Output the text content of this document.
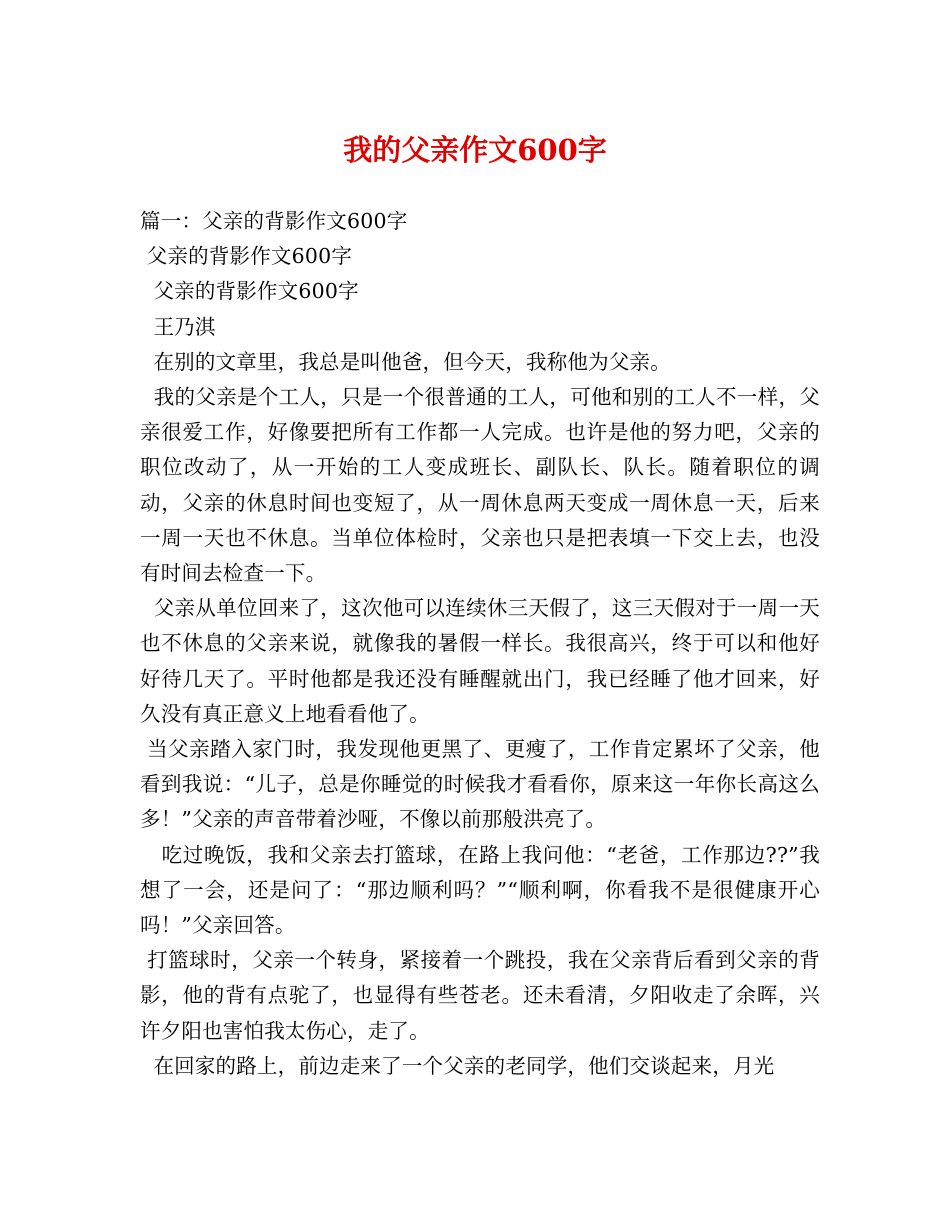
我的父亲作文600字

篇一：父亲的背影作文600字

父亲的背影作文600字

父亲的背影作文600字

王乃淇

在别的文章里，我总是叫他爸，但今天，我称他为父亲。

我的父亲是个工人，只是一个很普通的工人，可他和别的工人不一样，父亲很爱工作，好像要把所有工作都一人完成。也许是他的努力吧，父亲的职位改动了，从一开始的工人变成班长、副队长、队长。随着职位的调动，父亲的休息时间也变短了，从一周休息两天变成一周休息一天，后来一周一天也不休息。当单位体检时，父亲也只是把表填一下交上去，也没有时间去检查一下。

父亲从单位回来了，这次他可以连续休三天假了，这三天假对于一周一天也不休息的父亲来说，就像我的暑假一样长。我很高兴，终于可以和他好好待几天了。平时他都是我还没有睡醒就出门，我已经睡了他才回来，好久没有真正意义上地看看他了。

当父亲踏入家门时，我发现他更黑了、更瘦了，工作肯定累坏了父亲，他看到我说：“儿子，总是你睡觉的时候我才看看你，原来这一年你长高这么多！”父亲的声音带着沙哑，不像以前那般洪亮了。

吃过晚饭，我和父亲去打篮球，在路上我问他：“老爸，工作那边??”我想了一会，还是问了：“那边顺利吗？”“顺利啊，你看我不是很健康开心吗！”父亲回答。

打篮球时，父亲一个转身，紧接着一个跳投，我在父亲背后看到父亲的背影，他的背有点驼了，也显得有些苍老。还未看清，夕阳收走了余晖，兴许夕阳也害怕我太伤心，走了。

在回家的路上，前边走来了一个父亲的老同学，他们交谈起来，月光
